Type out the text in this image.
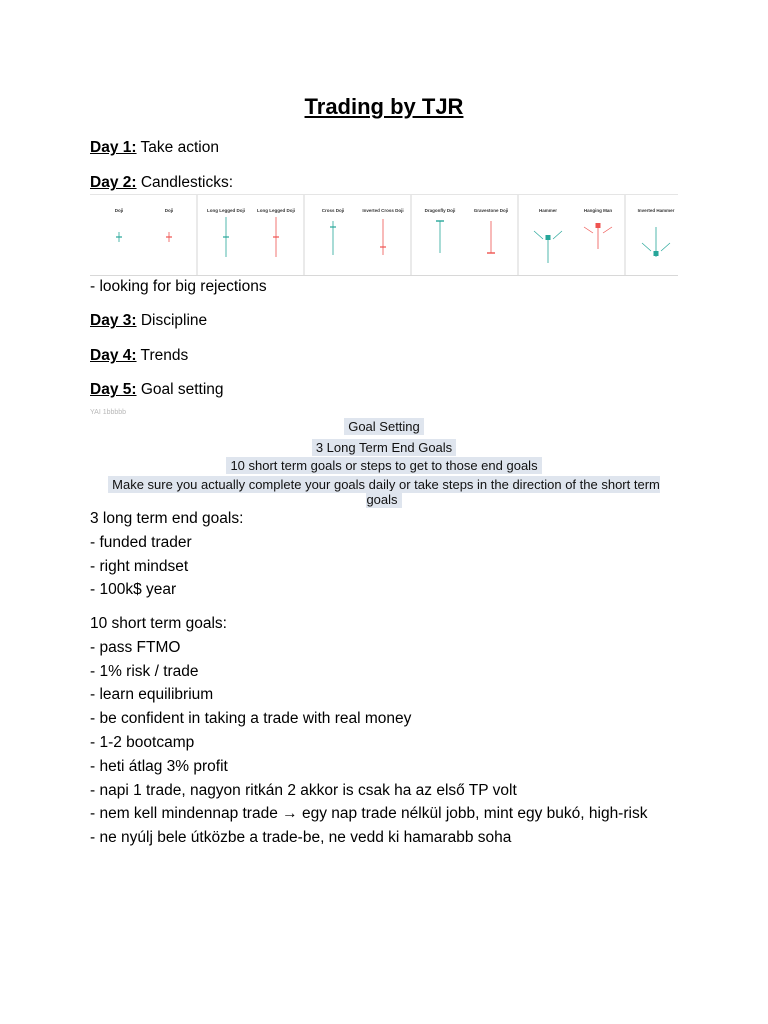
Trading by TJR
Day 1: Take action
Day 2: Candlesticks:
Doji	Doji	Long Legged Doji	Long Legged Doji	Cross Doji	Inverted Cross Doji	Dragonfly Doji	Gravestone Doji	Hammer	Hanging Man	Inverted Hammer
- looking for big rejections
Day 3: Discipline
Day 4: Trends
Day 5: Goal setting
YAI 1bbbbb
Goal Setting
3 Long Term End Goals
10 short term goals or steps to get to those end goals
Make sure you actually complete your goals daily or take steps in the direction of the short term goals
3 long term end goals:
- funded trader
- right mindset
- 100k$ year
10 short term goals:
- pass FTMO
- 1% risk / trade
- learn equilibrium
- be confident in taking a trade with real money
- 1-2 bootcamp
- heti átlag 3% profit
- napi 1 trade, nagyon ritkán 2 akkor is csak ha az első TP volt
- nem kell mindennap trade → egy nap trade nélkül jobb, mint egy bukó, high-risk
- ne nyúlj bele útközbe a trade-be, ne vedd ki hamarabb soha
